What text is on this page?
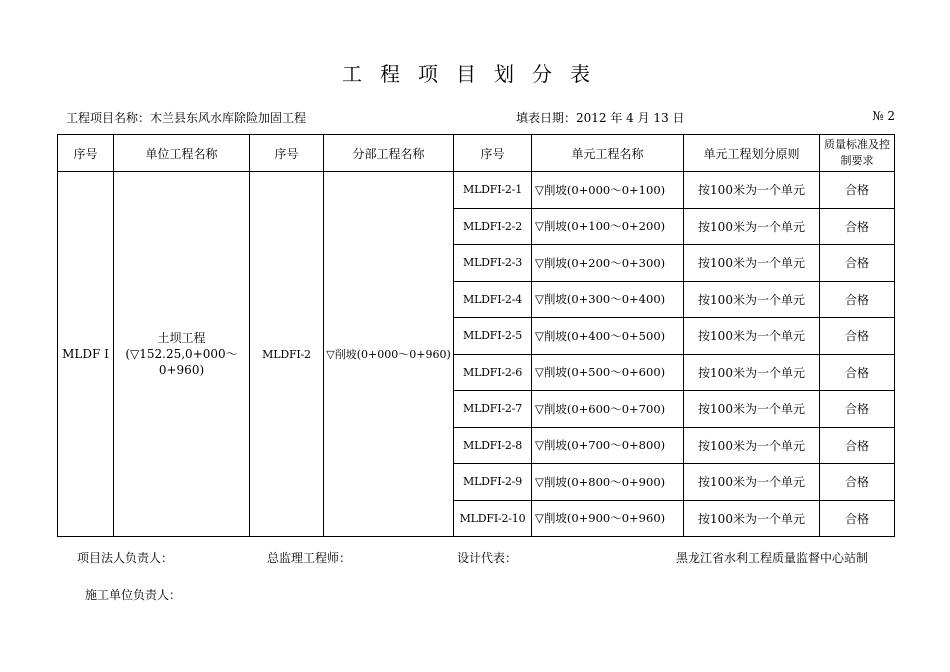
工程项目划分表
工程项目名称：木兰县东风水库除险加固工程	填表日期：2012 年 4 月 13 日	№ 2
序号	单位工程名称	序号	分部工程名称	序号	单元工程名称	单元工程划分原则	质量标准及控制要求
MLDF Ⅰ	土坝工程(▽152.25,0+000～0+960)	MLDFⅠ-2	▽削坡(0+000～0+960)	MLDFⅠ-2-1	▽削坡(0+000～0+100)	按100米为一个单元	合格
				MLDFⅠ-2-2	▽削坡(0+100～0+200)	按100米为一个单元	合格
				MLDFⅠ-2-3	▽削坡(0+200～0+300)	按100米为一个单元	合格
				MLDFⅠ-2-4	▽削坡(0+300～0+400)	按100米为一个单元	合格
				MLDFⅠ-2-5	▽削坡(0+400～0+500)	按100米为一个单元	合格
				MLDFⅠ-2-6	▽削坡(0+500～0+600)	按100米为一个单元	合格
				MLDFⅠ-2-7	▽削坡(0+600～0+700)	按100米为一个单元	合格
				MLDFⅠ-2-8	▽削坡(0+700～0+800)	按100米为一个单元	合格
				MLDFⅠ-2-9	▽削坡(0+800～0+900)	按100米为一个单元	合格
				MLDFⅠ-2-10	▽削坡(0+900～0+960)	按100米为一个单元	合格
项目法人负责人：	总监理工程师：	设计代表：	黑龙江省水利工程质量监督中心站制
施工单位负责人：
